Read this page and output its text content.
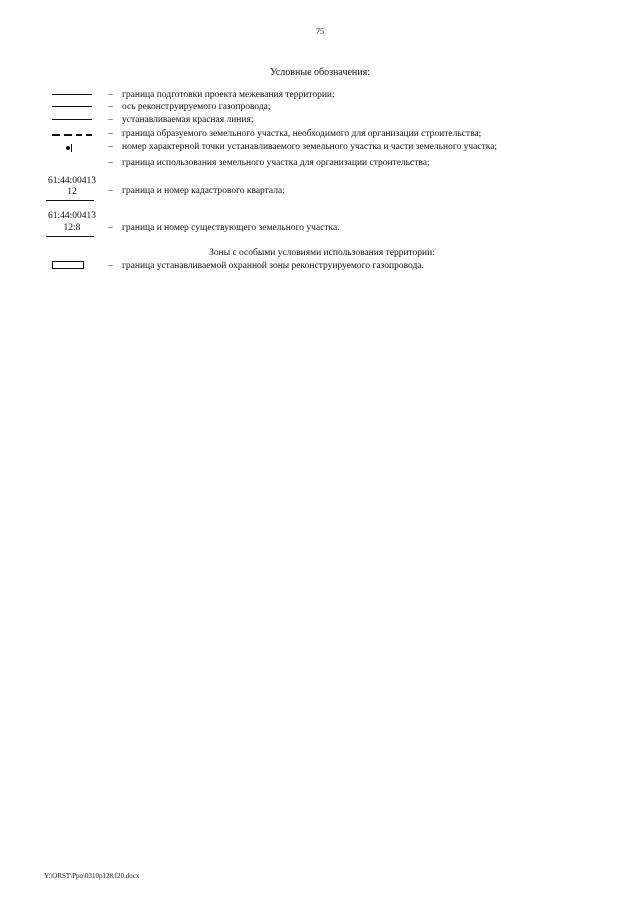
75
Условные обозначения:
– граница подготовки проекта межевания территории;
– ось реконструируемого газопровода;
– устанавливаемая красная линия;
– граница образуемого земельного участка, необходимого для организации строительства;
– номер характерной точки устанавливаемого земельного участка и части земельного участка;
– граница использования земельного участка для организации строительства;
61:44:00413
12	– граница и номер кадастрового квартала;
61:44:00413
12:8	– граница и номер существующего земельного участка.
Зоны с особыми условиями использования территории:
– граница устанавливаемой охранной зоны реконструируемого газопровода.
Y:\ORST\Ppo\0310p128.f20.docx
